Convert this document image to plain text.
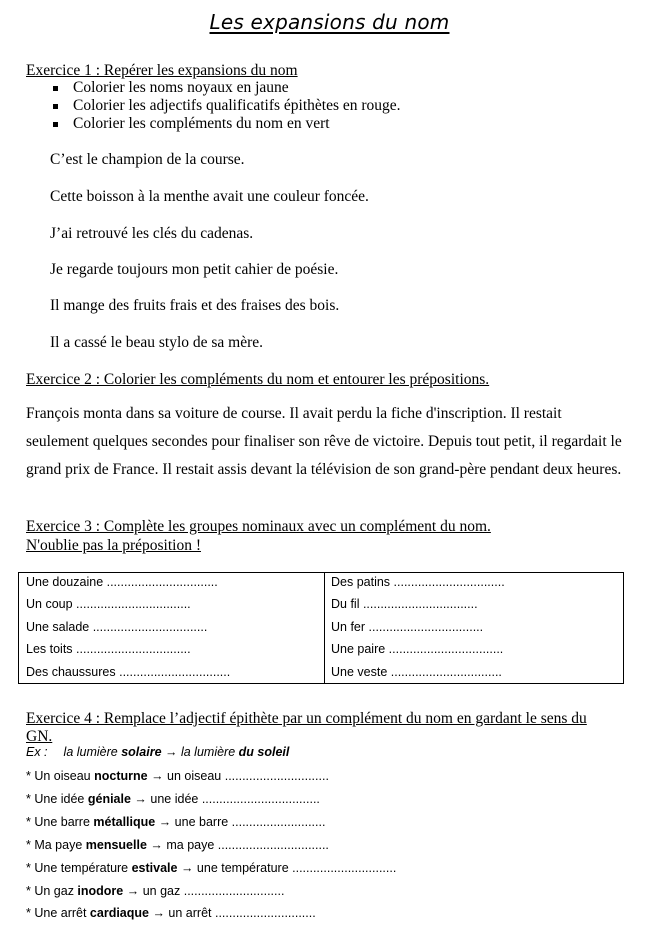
Les expansions du nom
Exercice 1 : Repérer les expansions du nom
Colorier les noms noyaux en jaune
Colorier les adjectifs qualificatifs épithètes en rouge.
Colorier les compléments du nom en vert
C’est le champion de la course.
Cette boisson à la menthe avait une couleur foncée.
J’ai retrouvé les clés du cadenas.
Je regarde toujours mon petit cahier de poésie.
Il mange des fruits frais et des fraises des bois.
Il a cassé le beau stylo de sa mère.
Exercice 2 : Colorier les compléments du nom et entourer les prépositions.
François monta dans sa voiture de course. Il avait perdu la fiche d'inscription. Il restait seulement quelques secondes pour finaliser son rêve de victoire. Depuis tout petit, il regardait le grand prix de France. Il restait assis devant la télévision de son grand-père pendant deux heures.
Exercice 3 : Complète les groupes nominaux avec un complément du nom.
N'oublie pas la préposition !
Une douzaine ................................
Un coup .................................
Une salade .................................
Les toits .................................
Des chaussures ................................
Des patins ................................
Du fil .................................
Un fer .................................
Une paire .................................
Une veste ................................
Exercice 4 : Remplace l’adjectif épithète par un complément du nom en gardant le sens du
GN.
Ex : la lumière solaire → la lumière du soleil
* Un oiseau nocturne → un oiseau ..............................
* Une idée géniale → une idée ..................................
* Une barre métallique → une barre ...........................
* Ma paye mensuelle → ma paye ................................
* Une température estivale → une température ..............................
* Un gaz inodore → un gaz .............................
* Une arrêt cardiaque → un arrêt .............................
